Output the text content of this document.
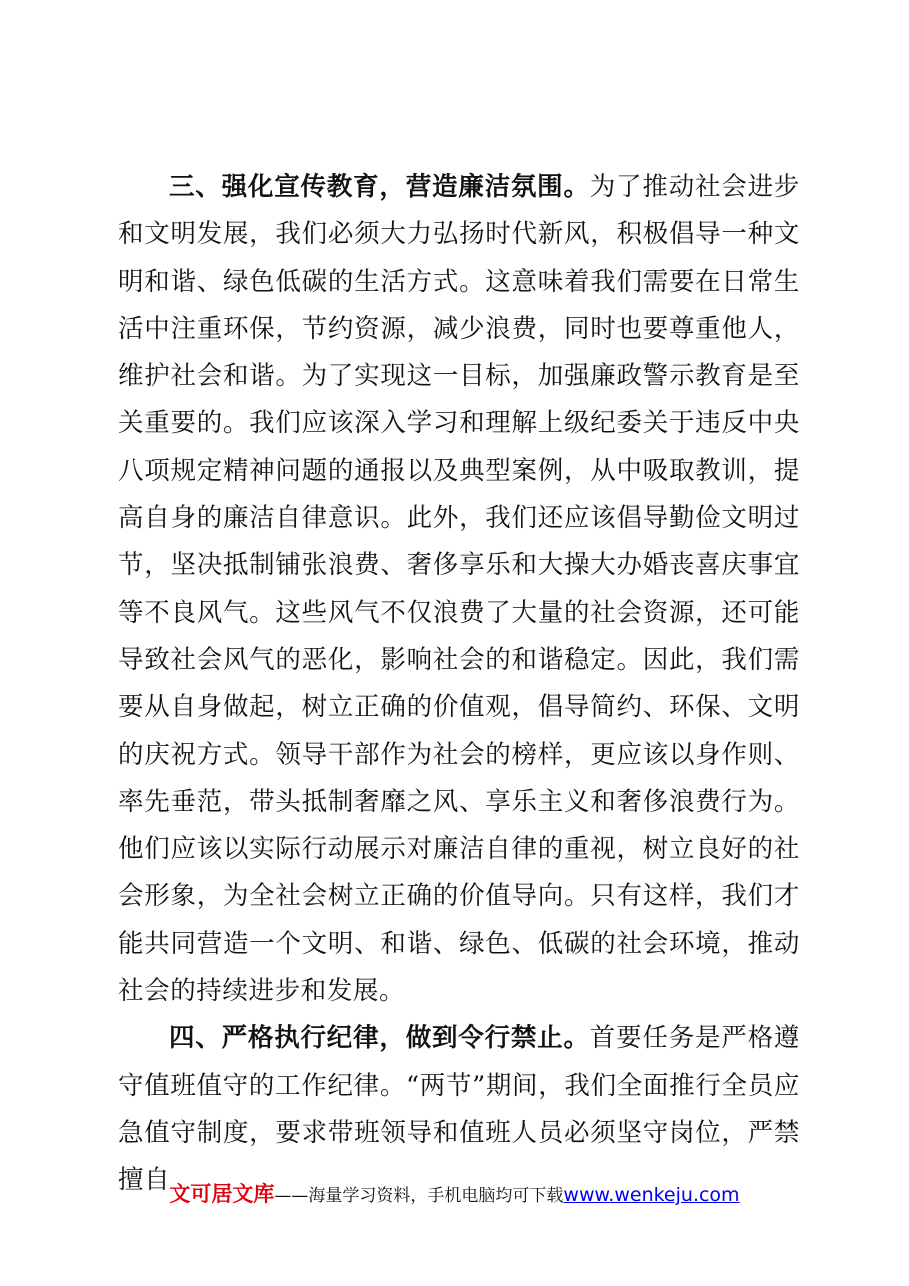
三、强化宣传教育，营造廉洁氛围。为了推动社会进步和文明发展，我们必须大力弘扬时代新风，积极倡导一种文明和谐、绿色低碳的生活方式。这意味着我们需要在日常生活中注重环保，节约资源，减少浪费，同时也要尊重他人，维护社会和谐。为了实现这一目标，加强廉政警示教育是至关重要的。我们应该深入学习和理解上级纪委关于违反中央八项规定精神问题的通报以及典型案例，从中吸取教训，提高自身的廉洁自律意识。此外，我们还应该倡导勤俭文明过节，坚决抵制铺张浪费、奢侈享乐和大操大办婚丧喜庆事宜等不良风气。这些风气不仅浪费了大量的社会资源，还可能导致社会风气的恶化，影响社会的和谐稳定。因此，我们需要从自身做起，树立正确的价值观，倡导简约、环保、文明的庆祝方式。领导干部作为社会的榜样，更应该以身作则、率先垂范，带头抵制奢靡之风、享乐主义和奢侈浪费行为。他们应该以实际行动展示对廉洁自律的重视，树立良好的社会形象，为全社会树立正确的价值导向。只有这样，我们才能共同营造一个文明、和谐、绿色、低碳的社会环境，推动社会的持续进步和发展。

四、严格执行纪律，做到令行禁止。首要任务是严格遵守值班值守的工作纪律。“两节”期间，我们全面推行全员应急值守制度，要求带班领导和值班人员必须坚守岗位，严禁擅自 文可居文库——海量学习资料，手机电脑均可下载www.wenkeju.com
